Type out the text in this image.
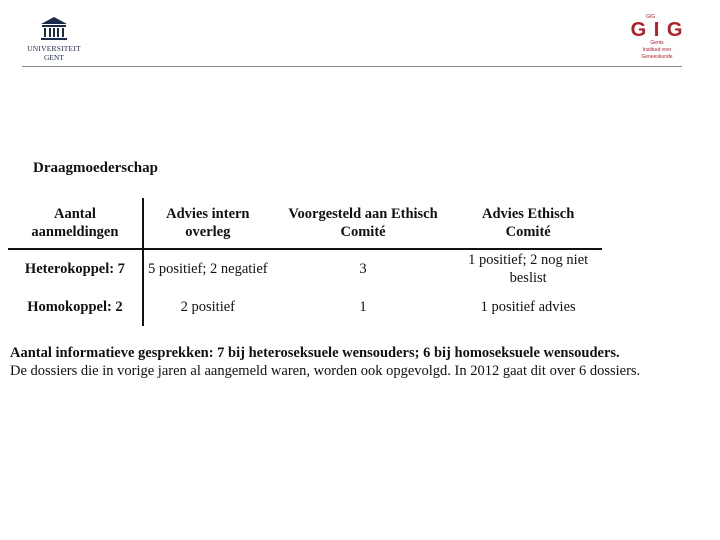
UNIVERSITEIT
GENT
GIG
G I G
Gents
Instituut voor
Geneeskunde
Draagmoederschap
Aantal aanmeldingen	Advies intern overleg	Voorgesteld aan Ethisch Comité	Advies Ethisch Comité
Heterokoppel: 7	5 positief; 2 negatief	3	1 positief; 2 nog niet beslist
Homokoppel: 2	2 positief	1	1 positief advies
Aantal informatieve gesprekken: 7 bij heteroseksuele wensouders; 6 bij homoseksuele wensouders.
De dossiers die in vorige jaren al aangemeld waren, worden ook opgevolgd. In 2012 gaat dit over 6 dossiers.
